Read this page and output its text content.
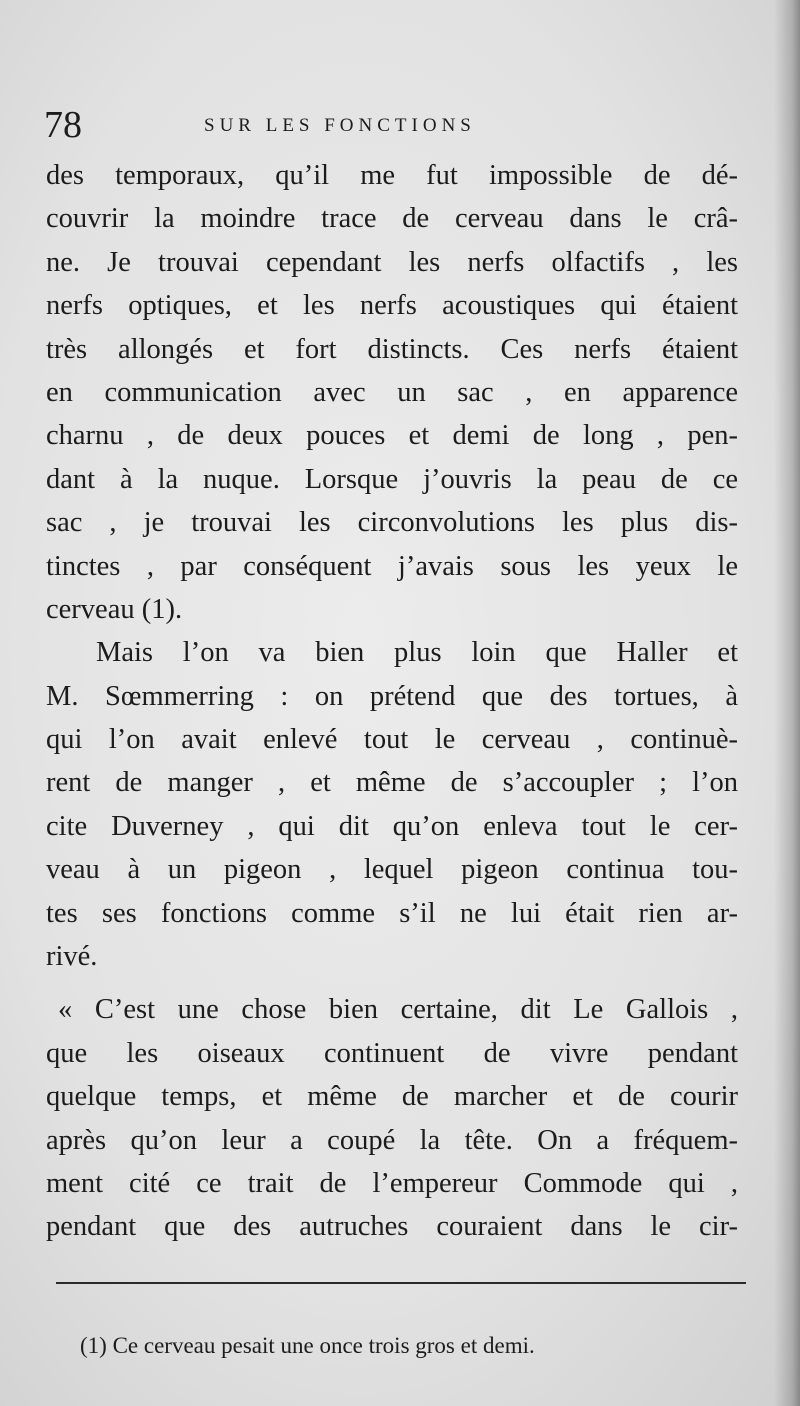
78	SUR LES FONCTIONS
des temporaux, qu’il me fut impossible de dé-
couvrir la moindre trace de cerveau dans le crâ-
ne. Je trouvai cependant les nerfs olfactifs , les
nerfs optiques, et les nerfs acoustiques qui étaient
très allongés et fort distincts. Ces nerfs étaient
en communication avec un sac , en apparence
charnu , de deux pouces et demi de long , pen-
dant à la nuque. Lorsque j’ouvris la peau de ce
sac , je trouvai les circonvolutions les plus dis-
tinctes , par conséquent j’avais sous les yeux le
cerveau (1).
Mais l’on va bien plus loin que Haller et
M. Sœmmerring : on prétend que des tortues, à
qui l’on avait enlevé tout le cerveau , continuè-
rent de manger , et même de s’accoupler ; l’on
cite Duverney , qui dit qu’on enleva tout le cer-
veau à un pigeon , lequel pigeon continua tou-
tes ses fonctions comme s’il ne lui était rien ar-
rivé.
« C’est une chose bien certaine, dit Le Gallois ,
que les oiseaux continuent de vivre pendant
quelque temps, et même de marcher et de courir
après qu’on leur a coupé la tête. On a fréquem-
ment cité ce trait de l’empereur Commode qui ,
pendant que des autruches couraient dans le cir-
(1) Ce cerveau pesait une once trois gros et demi.
